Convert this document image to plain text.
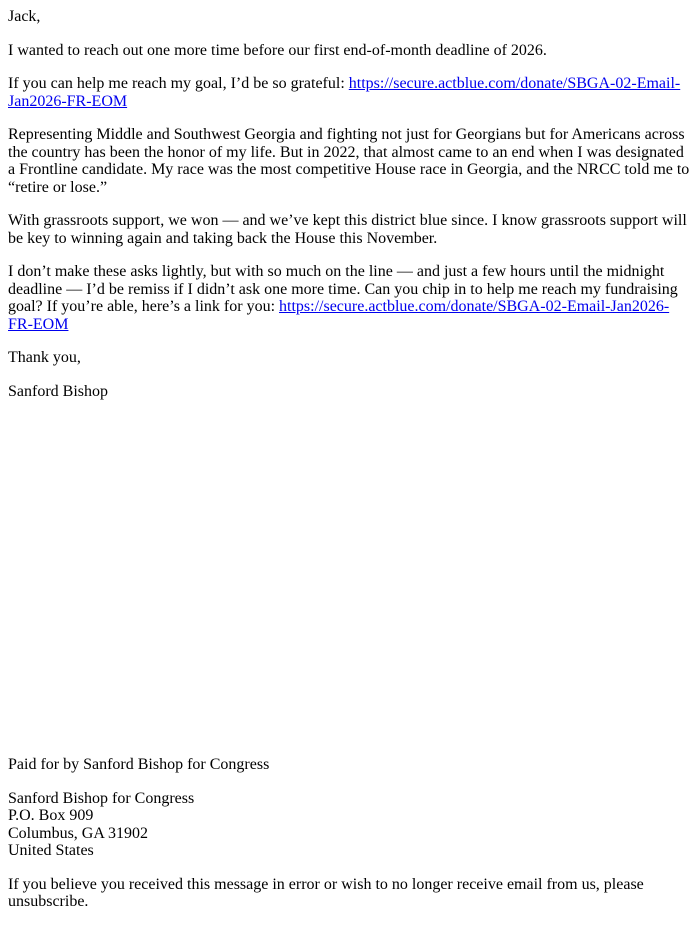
Jack,

I wanted to reach out one more time before our first end-of-month deadline of 2026.

If you can help me reach my goal, I’d be so grateful: https://secure.actblue.com/donate/SBGA-02-Email-Jan2026-FR-EOM

Representing Middle and Southwest Georgia and fighting not just for Georgians but for Americans across the country has been the honor of my life. But in 2022, that almost came to an end when I was designated a Frontline candidate. My race was the most competitive House race in Georgia, and the NRCC told me to “retire or lose.”

With grassroots support, we won — and we’ve kept this district blue since. I know grassroots support will be key to winning again and taking back the House this November.

I don’t make these asks lightly, but with so much on the line — and just a few hours until the midnight deadline — I’d be remiss if I didn’t ask one more time. Can you chip in to help me reach my fundraising goal? If you’re able, here’s a link for you: https://secure.actblue.com/donate/SBGA-02-Email-Jan2026-FR-EOM

Thank you,

Sanford Bishop

Paid for by Sanford Bishop for Congress

Sanford Bishop for Congress
P.O. Box 909
Columbus, GA 31902
United States

If you believe you received this message in error or wish to no longer receive email from us, please unsubscribe.
